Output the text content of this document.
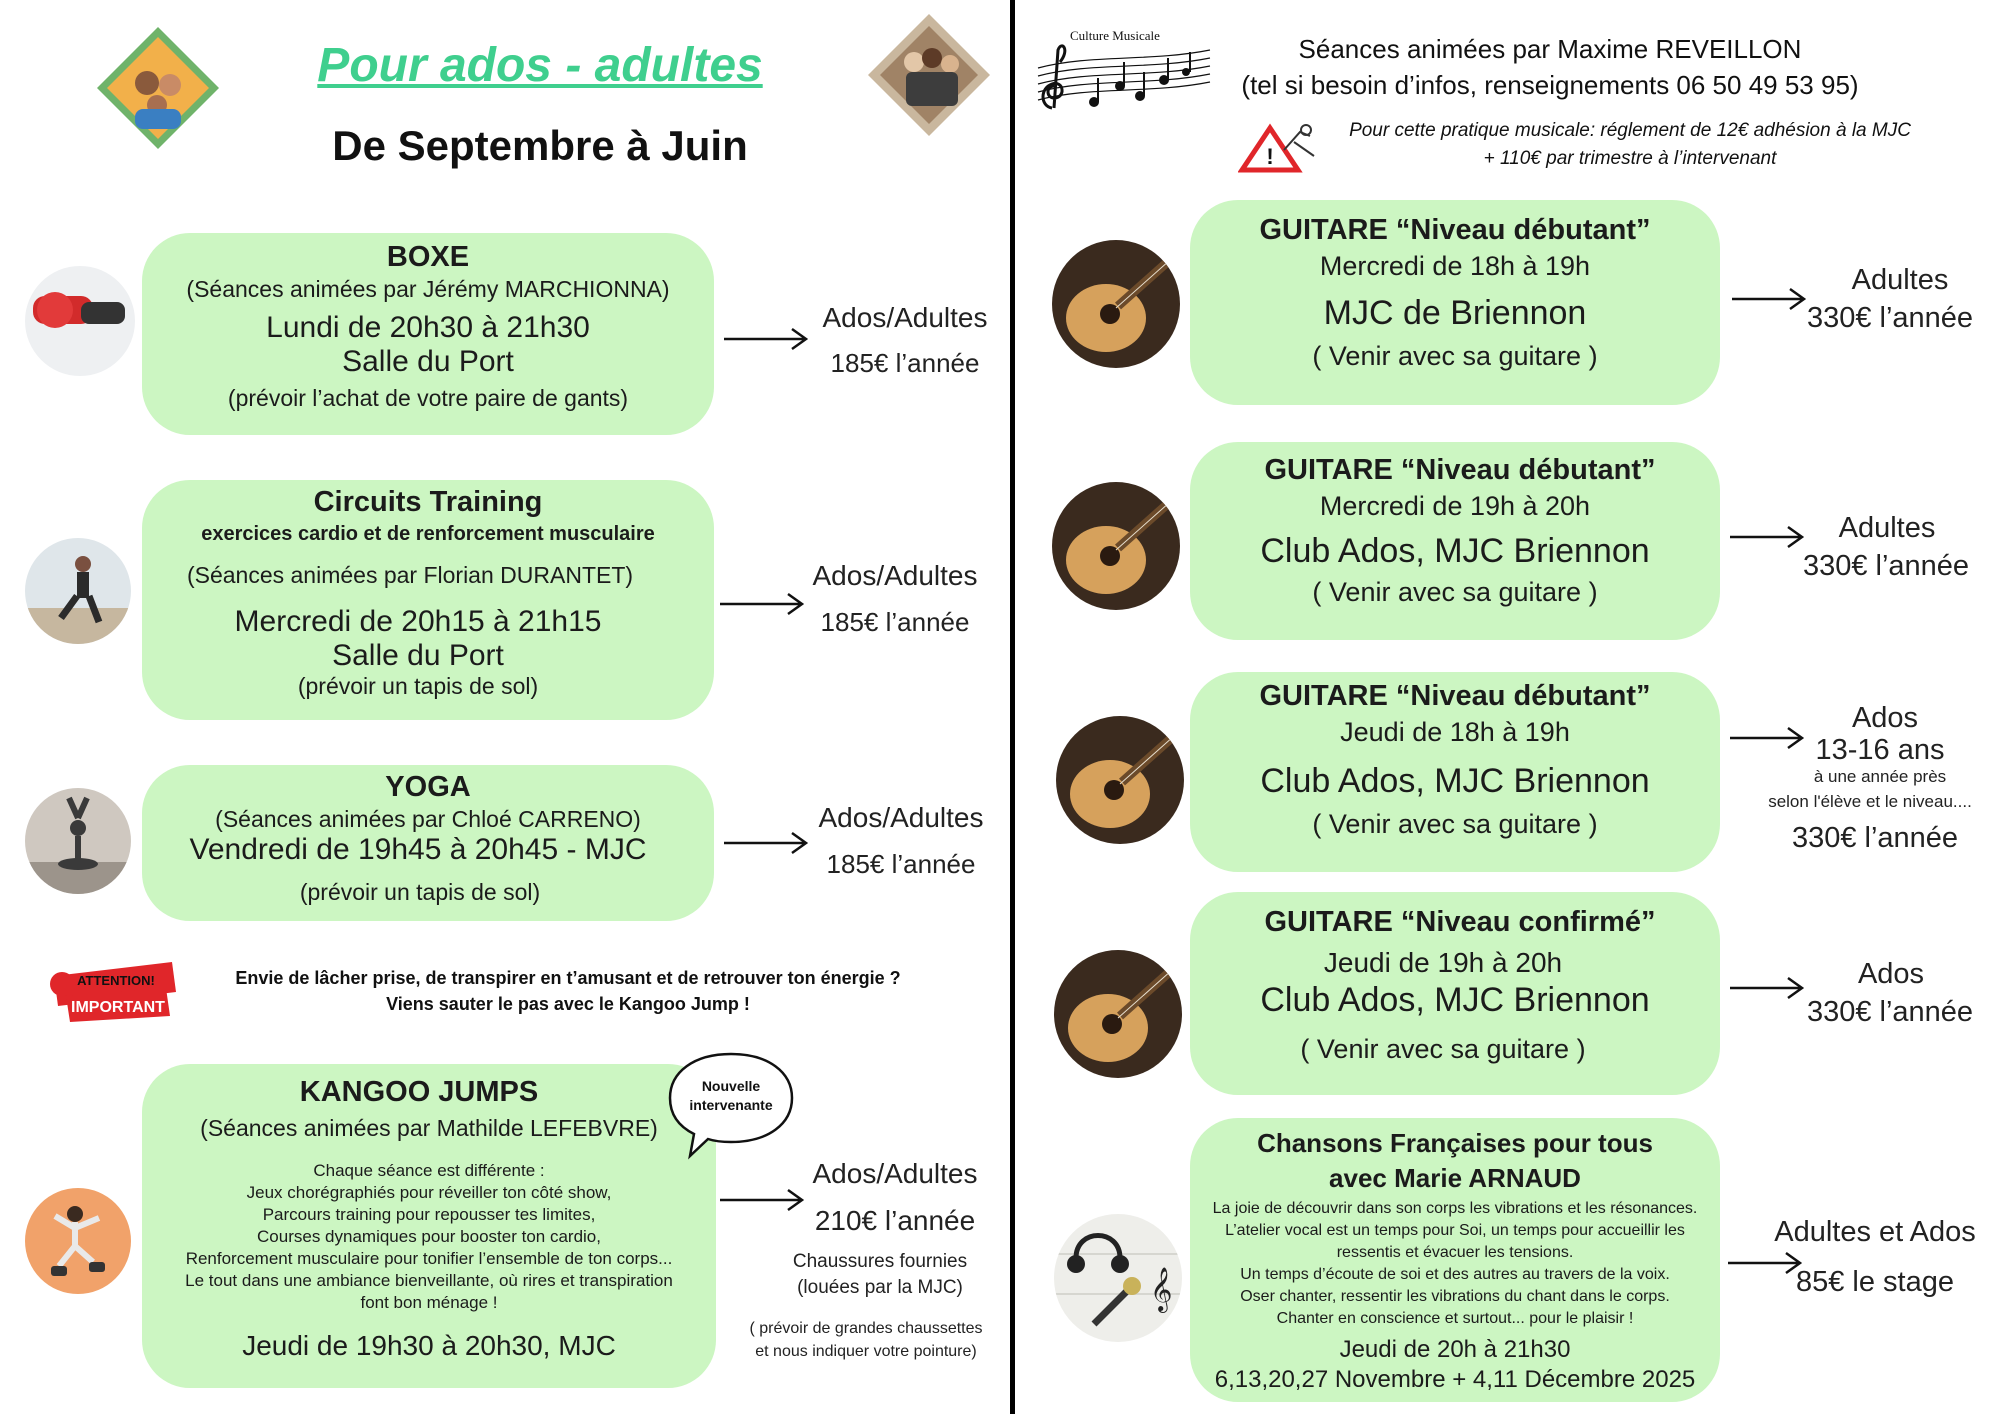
Pour ados - adultes
De Septembre à Juin
BOXE
(Séances animées par Jérémy MARCHIONNA)
Lundi de 20h30 à 21h30
Salle du Port
(prévoir l’achat de votre paire de gants)
Ados/Adultes
185€ l’année
Circuits Training
exercices cardio et de renforcement musculaire
(Séances animées par Florian DURANTET)
Mercredi de 20h15 à 21h15
Salle du Port
(prévoir un tapis de sol)
Ados/Adultes
185€ l’année
YOGA
(Séances animées par Chloé CARRENO)
Vendredi de 19h45 à 20h45 - MJC
(prévoir un tapis de sol)
Ados/Adultes
185€ l’année
ATTENTION!
IMPORTANT
Envie de lâcher prise, de transpirer en t’amusant et de retrouver ton énergie ?
Viens sauter le pas avec le Kangoo Jump !
KANGOO JUMPS
(Séances animées par Mathilde LEFEBVRE)
Chaque séance est différente :
Jeux chorégraphiés pour réveiller ton côté show,
Parcours training pour repousser tes limites,
Courses dynamiques pour booster ton cardio,
Renforcement musculaire pour tonifier l’ensemble de ton corps...
Le tout dans une ambiance bienveillante, où rires et transpiration
font bon ménage !
Jeudi de 19h30 à 20h30, MJC
Nouvelle
intervenante
Ados/Adultes
210€ l’année
Chaussures fournies
(louées par la MJC)
( prévoir de grandes chaussettes
et nous indiquer votre pointure)
Culture Musicale	Séances animées par Maxime REVEILLON
(tel si besoin d’infos, renseignements 06 50 49 53 95)
!
Pour cette pratique musicale: réglement de 12€ adhésion à la MJC
+ 110€ par trimestre à l’intervenant
GUITARE “Niveau débutant”
Mercredi de 18h à 19h
MJC de Briennon
( Venir avec sa guitare )
Adultes
330€ l’année
GUITARE “Niveau débutant”
Mercredi de 19h à 20h
Club Ados, MJC Briennon
( Venir avec sa guitare )
Adultes
330€ l’année
GUITARE “Niveau débutant”
Jeudi de 18h à 19h
Club Ados, MJC Briennon
( Venir avec sa guitare )
Ados
13-16 ans
à une année près
selon l'élève et le niveau....
330€ l’année
GUITARE “Niveau confirmé”
Jeudi de 19h à 20h
Club Ados, MJC Briennon
( Venir avec sa guitare )
Ados
330€ l’année
𝄞
Chansons Françaises pour tous
avec Marie ARNAUD
La joie de découvrir dans son corps les vibrations et les résonances.
L’atelier vocal est un temps pour Soi, un temps pour accueillir les
ressentis et évacuer les tensions.
Un temps d’écoute de soi et des autres au travers de la voix.
Oser chanter, ressentir les vibrations du chant dans le corps.
Chanter en conscience et surtout... pour le plaisir !
Jeudi de 20h à 21h30
6,13,20,27 Novembre + 4,11 Décembre 2025
Adultes et Ados
85€ le stage
